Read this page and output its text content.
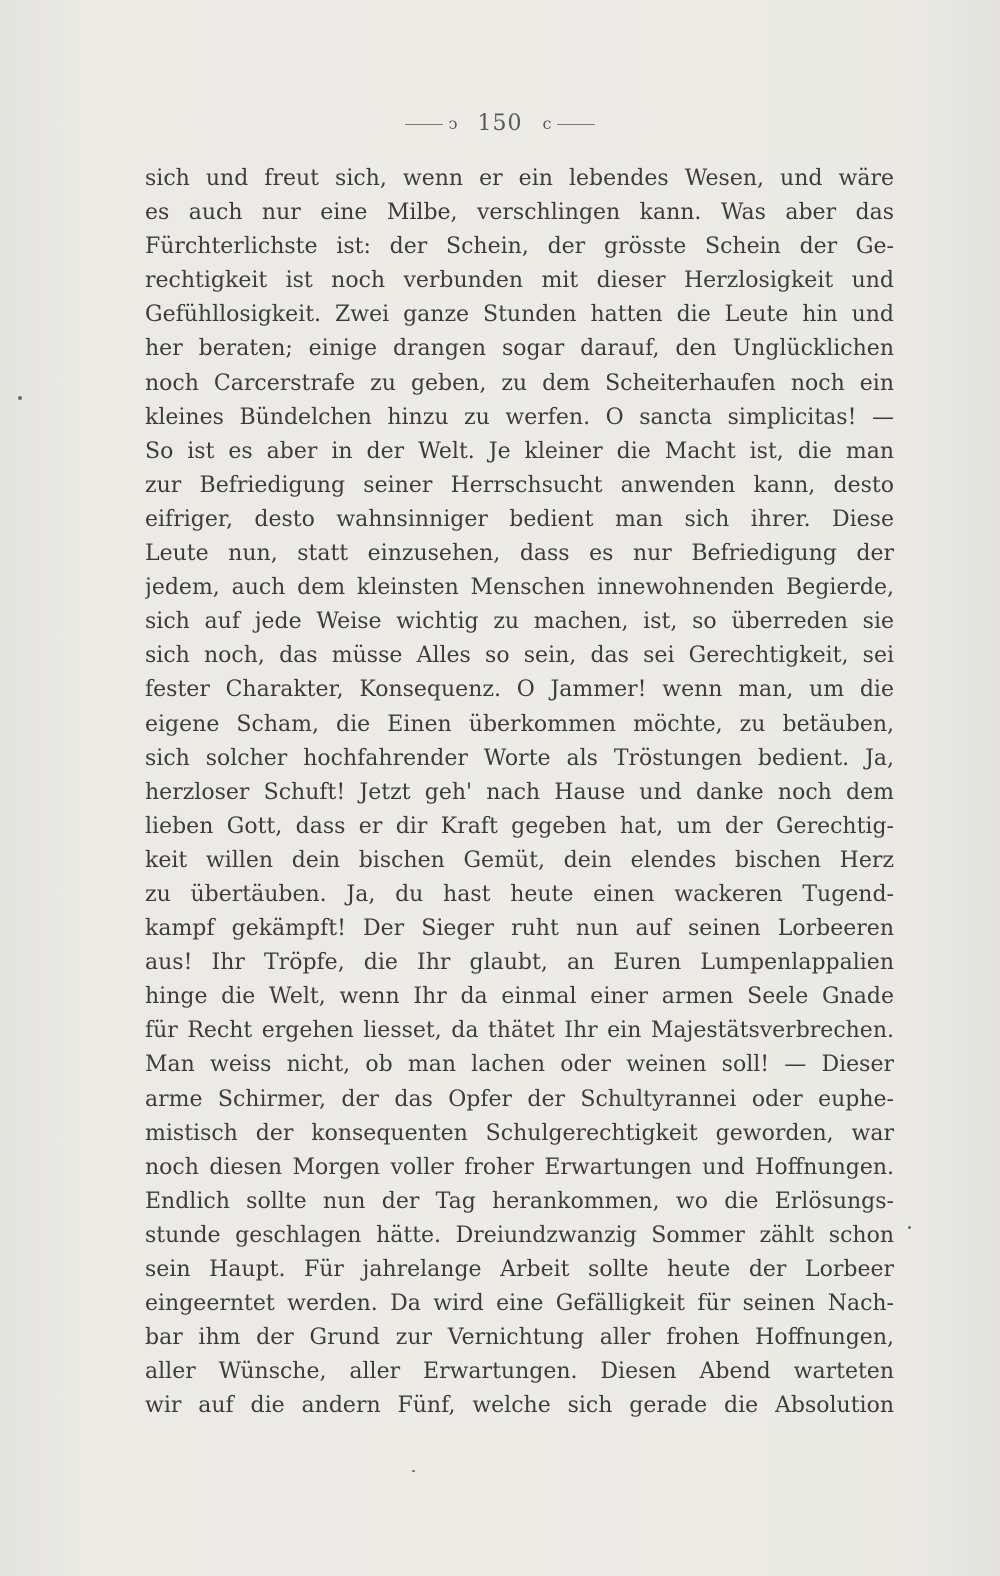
ↄ 150 c
sich und freut sich, wenn er ein lebendes Wesen, und wäre
es auch nur eine Milbe, verschlingen kann. Was aber das
Fürchterlichste ist: der Schein, der grösste Schein der Ge-
rechtigkeit ist noch verbunden mit dieser Herzlosigkeit und
Gefühllosigkeit. Zwei ganze Stunden hatten die Leute hin und
her beraten; einige drangen sogar darauf, den Unglücklichen
noch Carcerstrafe zu geben, zu dem Scheiterhaufen noch ein
kleines Bündelchen hinzu zu werfen. O sancta simplicitas! —
So ist es aber in der Welt. Je kleiner die Macht ist, die man
zur Befriedigung seiner Herrschsucht anwenden kann, desto
eifriger, desto wahnsinniger bedient man sich ihrer. Diese
Leute nun, statt einzusehen, dass es nur Befriedigung der
jedem, auch dem kleinsten Menschen innewohnenden Begierde,
sich auf jede Weise wichtig zu machen, ist, so überreden sie
sich noch, das müsse Alles so sein, das sei Gerechtigkeit, sei
fester Charakter, Konsequenz. O Jammer! wenn man, um die
eigene Scham, die Einen überkommen möchte, zu betäuben,
sich solcher hochfahrender Worte als Tröstungen bedient. Ja,
herzloser Schuft! Jetzt geh' nach Hause und danke noch dem
lieben Gott, dass er dir Kraft gegeben hat, um der Gerechtig-
keit willen dein bischen Gemüt, dein elendes bischen Herz
zu übertäuben. Ja, du hast heute einen wackeren Tugend-
kampf gekämpft! Der Sieger ruht nun auf seinen Lorbeeren
aus! Ihr Tröpfe, die Ihr glaubt, an Euren Lumpenlappalien
hinge die Welt, wenn Ihr da einmal einer armen Seele Gnade
für Recht ergehen liesset, da thätet Ihr ein Majestätsverbrechen.
Man weiss nicht, ob man lachen oder weinen soll! — Dieser
arme Schirmer, der das Opfer der Schultyrannei oder euphe-
mistisch der konsequenten Schulgerechtigkeit geworden, war
noch diesen Morgen voller froher Erwartungen und Hoffnungen.
Endlich sollte nun der Tag herankommen, wo die Erlösungs-
stunde geschlagen hätte. Dreiundzwanzig Sommer zählt schon
sein Haupt. Für jahrelange Arbeit sollte heute der Lorbeer
eingeerntet werden. Da wird eine Gefälligkeit für seinen Nach-
bar ihm der Grund zur Vernichtung aller frohen Hoffnungen,
aller Wünsche, aller Erwartungen. Diesen Abend warteten
wir auf die andern Fünf, welche sich gerade die Absolution
